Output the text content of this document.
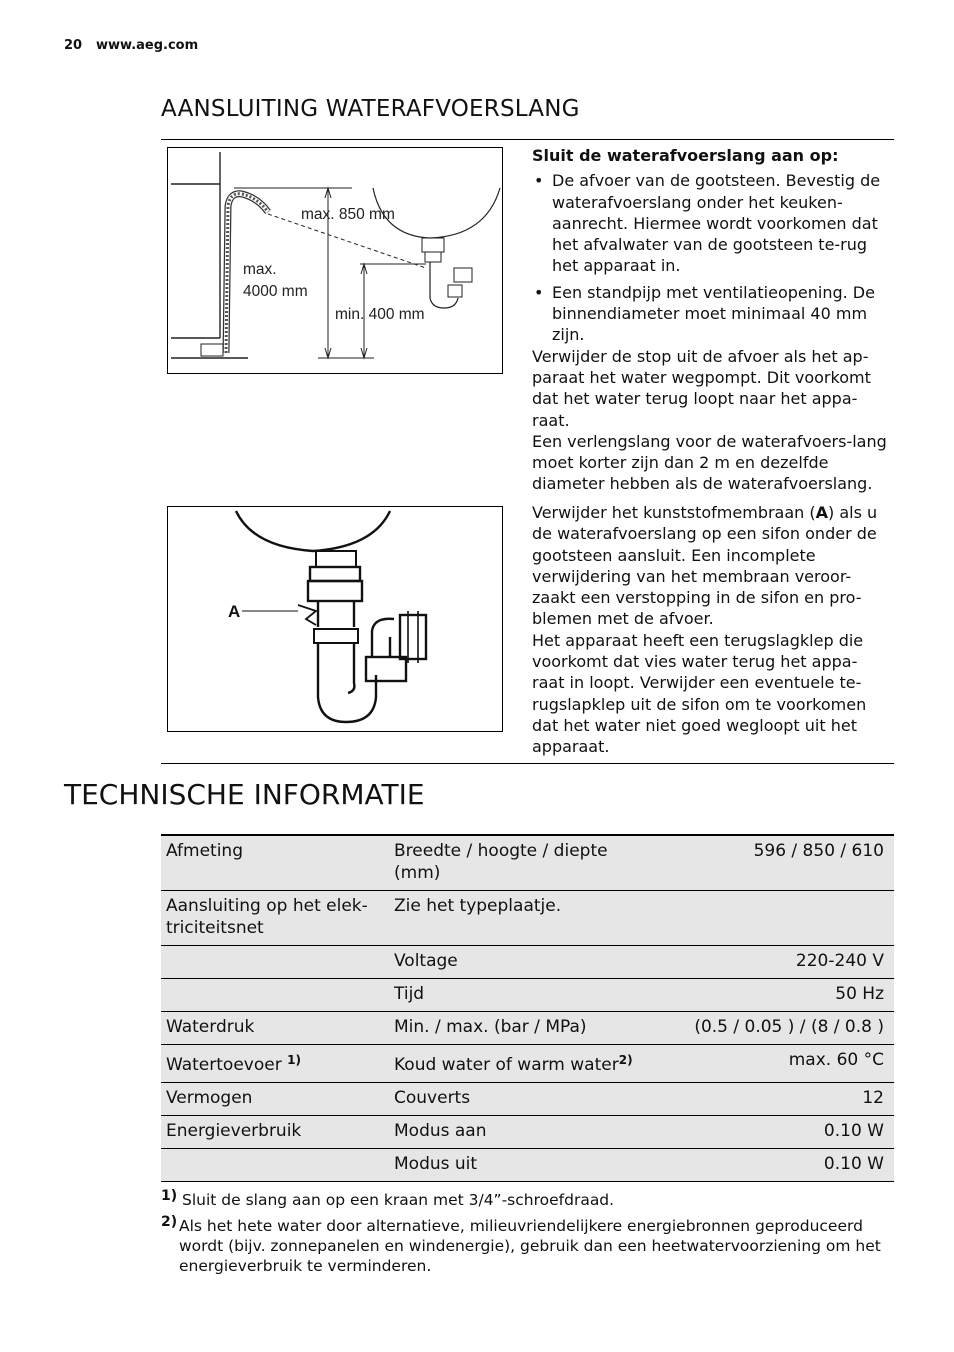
20 www.aeg.com
AANSLUITING WATERAFVOERSLANG
max. 850 mm
max.
4000 mm
min. 400 mm
A

Sluit de waterafvoerslang aan op:

• De afvoer van de gootsteen. Bevestig de waterafvoerslang onder het keuken-aanrecht. Hiermee wordt voorkomen dat het afvalwater van de gootsteen te-rug het apparaat in.
• Een standpijp met ventilatieopening. De binnendiameter moet minimaal 40 mm zijn.

Verwijder de stop uit de afvoer als het ap-paraat het water wegpompt. Dit voorkomt dat het water terug loopt naar het appa-raat.

Een verlengslang voor de waterafvoers-lang moet korter zijn dan 2 m en dezelfde diameter hebben als de waterafvoerslang.

Verwijder het kunststofmembraan (A) als u de waterafvoerslang op een sifon onder de gootsteen aansluit. Een incomplete verwijdering van het membraan veroor-zaakt een verstopping in de sifon en pro-blemen met de afvoer.

Het apparaat heeft een terugslagklep die voorkomt dat vies water terug het appa-raat in loopt. Verwijder een eventuele te-rugslapklep uit de sifon om te voorkomen dat het water niet goed wegloopt uit het apparaat.

TECHNISCHE INFORMATIE
Afmeting	Breedte / hoogte / diepte (mm)	596 / 850 / 610
Aansluiting op het elek-triciteitsnet	Zie het typeplaatje.	
	Voltage	220-240 V
	Tijd	50 Hz
Waterdruk	Min. / max. (bar / MPa)	(0.5 / 0.05 ) / (8 / 0.8 )
Watertoevoer $^{1)}$	Koud water of warm water$^{2)}$	max. 60 °C
Vermogen	Couverts	12
Energieverbruik	Modus aan	0.10 W
	Modus uit	0.10 W
1) Sluit de slang aan op een kraan met 3/4”-schroefdraad.
2) Als het hete water door alternatieve, milieuvriendelijkere energiebronnen geproduceerd wordt (bijv. zonnepanelen en windenergie), gebruik dan een heetwatervoorziening om het energieverbruik te verminderen.
